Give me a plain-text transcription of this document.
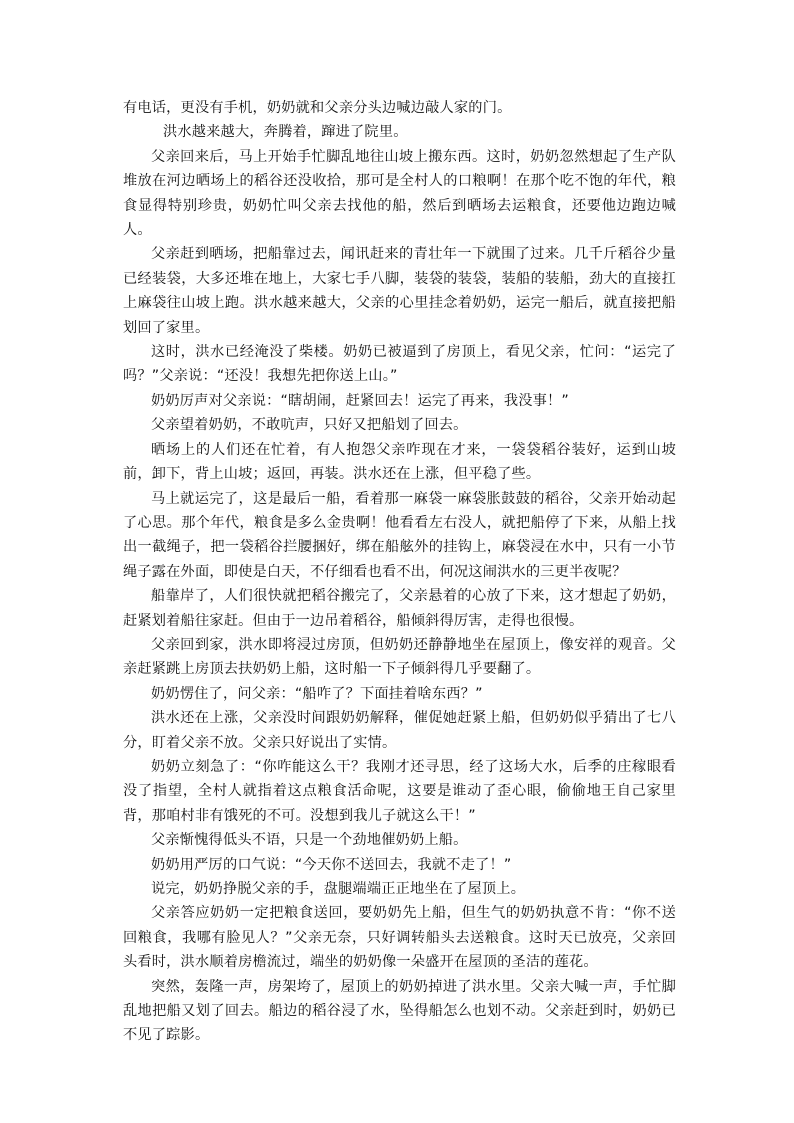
有电话，更没有手机，奶奶就和父亲分头边喊边敲人家的门。

洪水越来越大，奔腾着，蹿进了院里。

父亲回来后，马上开始手忙脚乱地往山坡上搬东西。这时，奶奶忽然想起了生产队堆放在河边晒场上的稻谷还没收拾，那可是全村人的口粮啊！在那个吃不饱的年代，粮食显得特别珍贵，奶奶忙叫父亲去找他的船，然后到晒场去运粮食，还要他边跑边喊人。

父亲赶到晒场，把船靠过去，闻讯赶来的青壮年一下就围了过来。几千斤稻谷少量已经装袋，大多还堆在地上，大家七手八脚，装袋的装袋，装船的装船，劲大的直接扛上麻袋往山坡上跑。洪水越来越大，父亲的心里挂念着奶奶，运完一船后，就直接把船划回了家里。

这时，洪水已经淹没了柴楼。奶奶已被逼到了房顶上，看见父亲，忙问：“运完了吗？”父亲说：“还没！我想先把你送上山。”

奶奶厉声对父亲说：“瞎胡闹，赶紧回去！运完了再来，我没事！”

父亲望着奶奶，不敢吭声，只好又把船划了回去。

晒场上的人们还在忙着，有人抱怨父亲咋现在才来，一袋袋稻谷装好，运到山坡前，卸下，背上山坡；返回，再装。洪水还在上涨，但平稳了些。

马上就运完了，这是最后一船，看着那一麻袋一麻袋胀鼓鼓的稻谷，父亲开始动起了心思。那个年代，粮食是多么金贵啊！他看看左右没人，就把船停了下来，从船上找出一截绳子，把一袋稻谷拦腰捆好，绑在船舷外的挂钩上，麻袋浸在水中，只有一小节绳子露在外面，即使是白天，不仔细看也看不出，何况这闹洪水的三更半夜呢？

船靠岸了，人们很快就把稻谷搬完了，父亲悬着的心放了下来，这才想起了奶奶，赶紧划着船往家赶。但由于一边吊着稻谷，船倾斜得厉害，走得也很慢。

父亲回到家，洪水即将浸过房顶，但奶奶还静静地坐在屋顶上，像安祥的观音。父亲赶紧跳上房顶去扶奶奶上船，这时船一下子倾斜得几乎要翻了。

奶奶愣住了，问父亲：“船咋了？下面挂着啥东西？”

洪水还在上涨，父亲没时间跟奶奶解释，催促她赶紧上船，但奶奶似乎猜出了七八分，盯着父亲不放。父亲只好说出了实情。

奶奶立刻急了：“你咋能这么干？我刚才还寻思，经了这场大水，后季的庄稼眼看没了指望，全村人就指着这点粮食活命呢，这要是谁动了歪心眼，偷偷地王自己家里背，那咱村非有饿死的不可。没想到我儿子就这么干！”

父亲惭愧得低头不语，只是一个劲地催奶奶上船。

奶奶用严厉的口气说：“今天你不送回去，我就不走了！”

说完，奶奶挣脱父亲的手，盘腿端端正正地坐在了屋顶上。

父亲答应奶奶一定把粮食送回，要奶奶先上船，但生气的奶奶执意不肯：“你不送回粮食，我哪有脸见人？”父亲无奈，只好调转船头去送粮食。这时天已放亮，父亲回头看时，洪水顺着房檐流过，端坐的奶奶像一朵盛开在屋顶的圣洁的莲花。

突然，轰隆一声，房架垮了，屋顶上的奶奶掉进了洪水里。父亲大喊一声，手忙脚乱地把船又划了回去。船边的稻谷浸了水，坠得船怎么也划不动。父亲赶到时，奶奶已不见了踪影。
